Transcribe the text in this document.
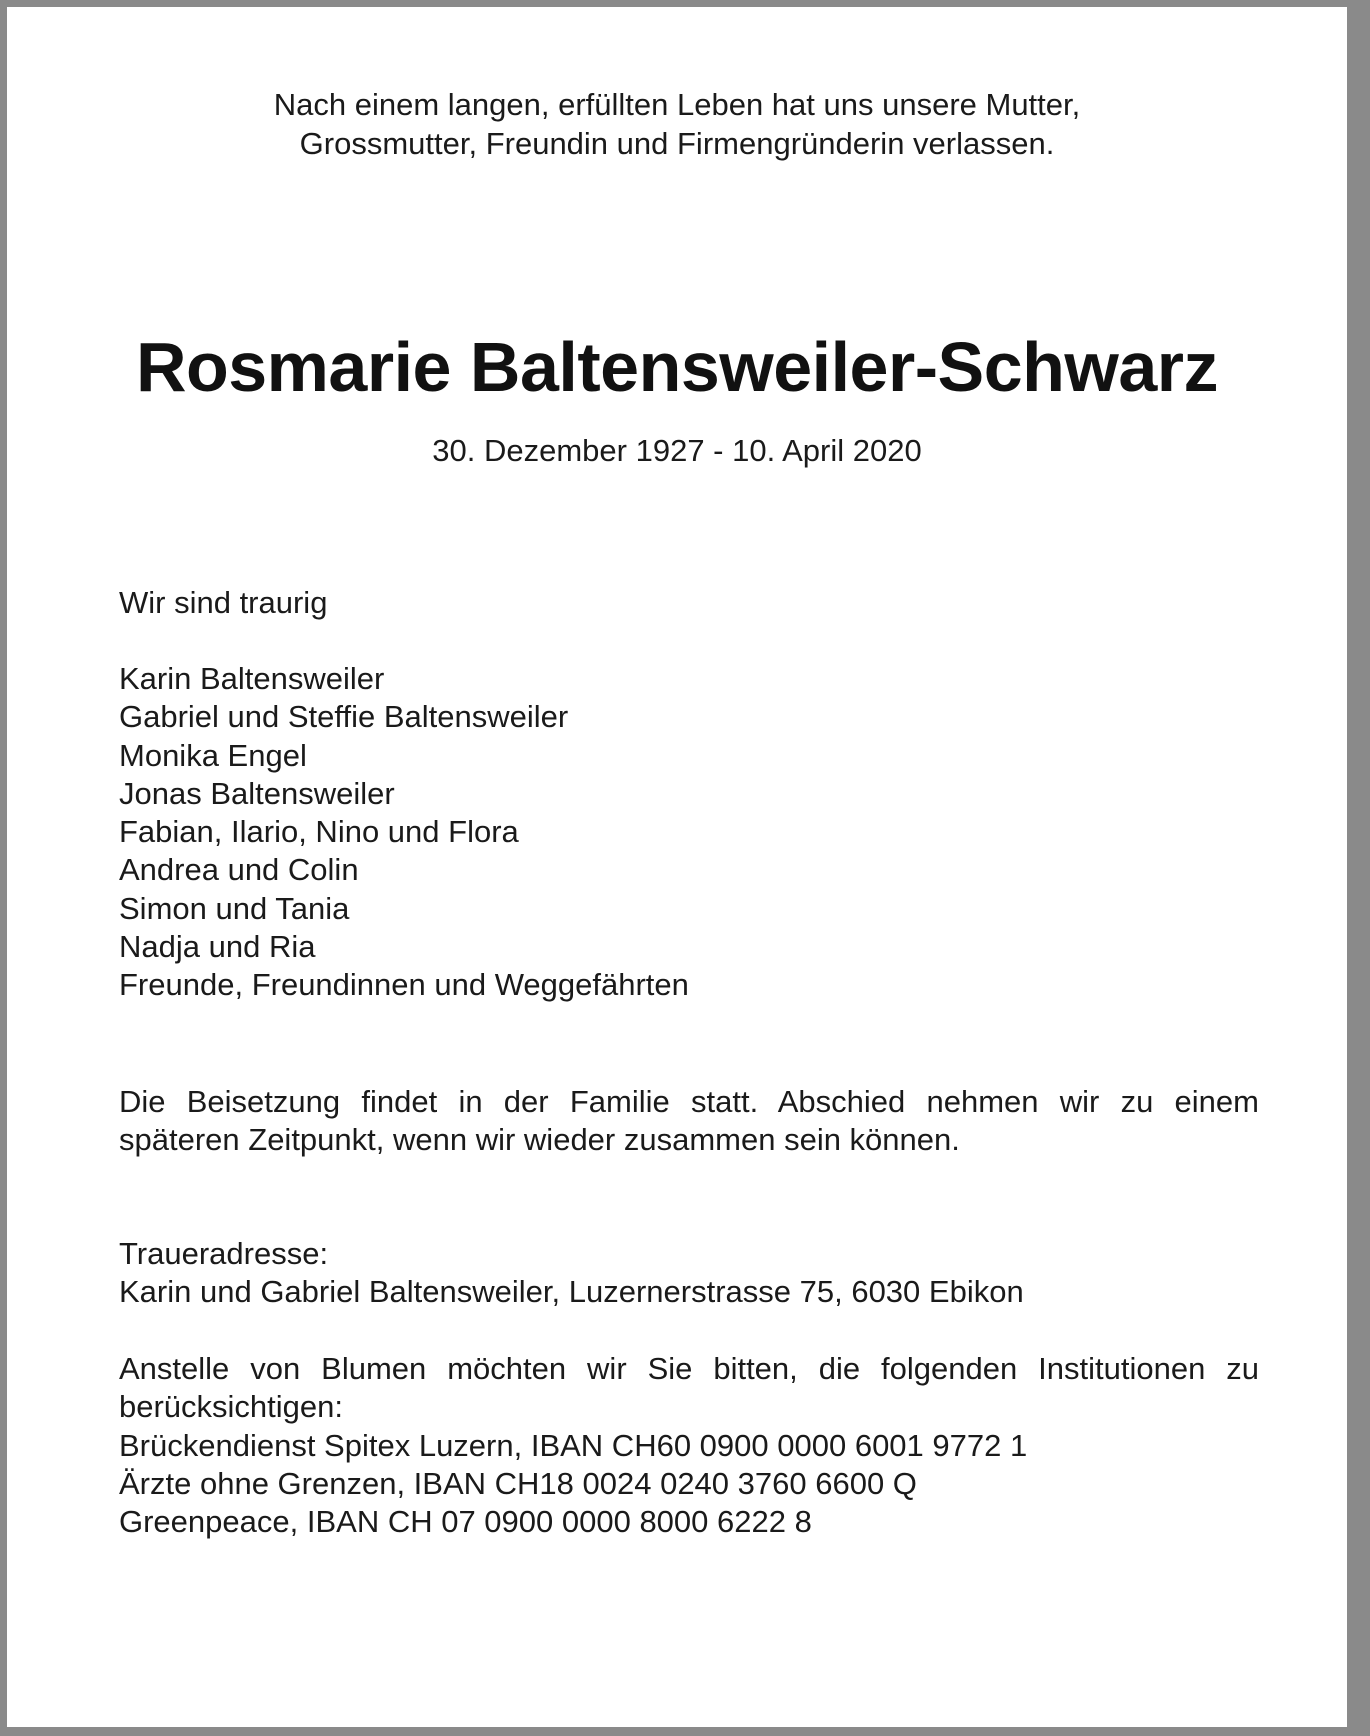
Nach einem langen, erfüllten Leben hat uns unsere Mutter,
Grossmutter, Freundin und Firmengründerin verlassen.
Rosmarie Baltensweiler-Schwarz
30. Dezember 1927 - 10. April 2020
Wir sind traurig
Karin Baltensweiler
Gabriel und Steffie Baltensweiler
Monika Engel
Jonas Baltensweiler
Fabian, Ilario, Nino und Flora
Andrea und Colin
Simon und Tania
Nadja und Ria
Freunde, Freundinnen und Weggefährten
Die Beisetzung findet in der Familie statt. Abschied nehmen wir zu einem
späteren Zeitpunkt, wenn wir wieder zusammen sein können.
Traueradresse:
Karin und Gabriel Baltensweiler, Luzernerstrasse 75, 6030 Ebikon
Anstelle von Blumen möchten wir Sie bitten, die folgenden Institutionen zu
berücksichtigen:
Brückendienst Spitex Luzern, IBAN CH60 0900 0000 6001 9772 1
Ärzte ohne Grenzen, IBAN CH18 0024 0240 3760 6600 Q
Greenpeace, IBAN CH 07 0900 0000 8000 6222 8
